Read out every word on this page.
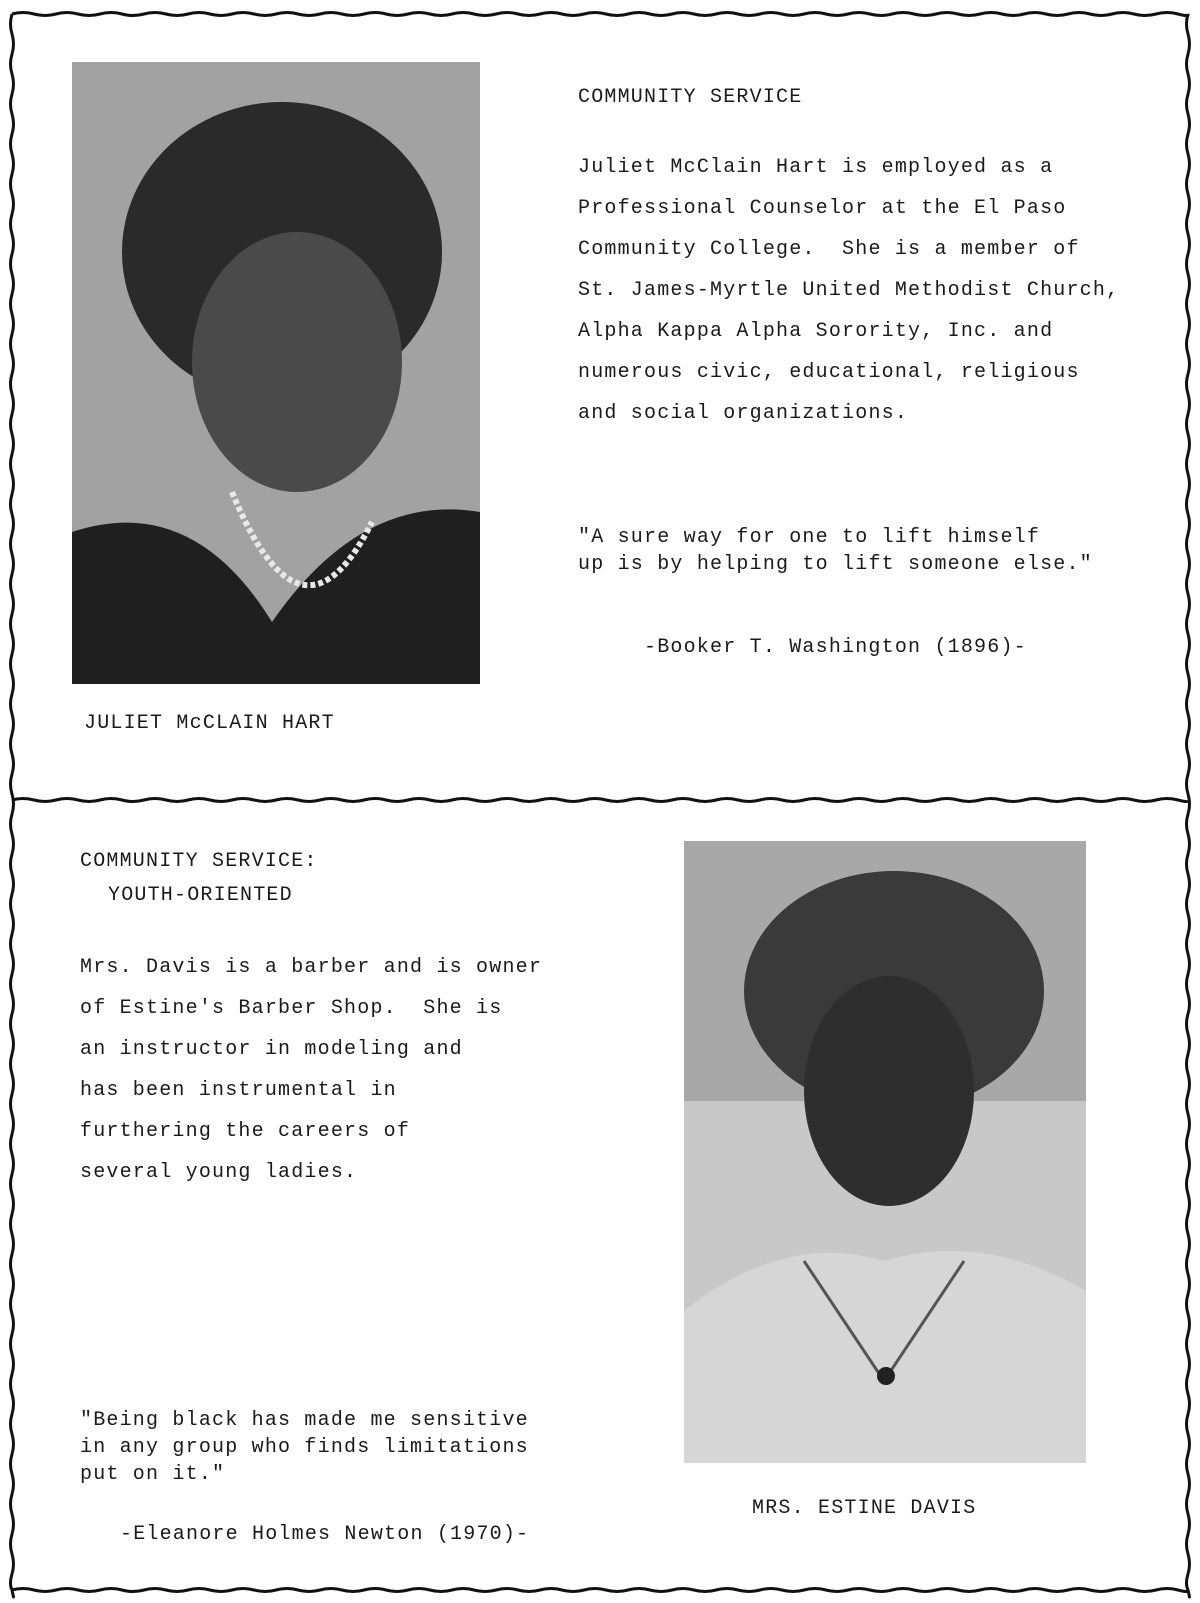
JULIET McCLAIN HART
COMMUNITY SERVICE
Juliet McClain Hart is employed as a
Professional Counselor at the El Paso
Community College.  She is a member of
St. James-Myrtle United Methodist Church,
Alpha Kappa Alpha Sorority, Inc. and
numerous civic, educational, religious
and social organizations.
"A sure way for one to lift himself
up is by helping to lift someone else."
-Booker T. Washington (1896)-
COMMUNITY SERVICE:
YOUTH-ORIENTED
Mrs. Davis is a barber and is owner
of Estine's Barber Shop.  She is
an instructor in modeling and
has been instrumental in
furthering the careers of
several young ladies.
"Being black has made me sensitive
in any group who finds limitations
put on it."
-Eleanore Holmes Newton (1970)-
MRS. ESTINE DAVIS
